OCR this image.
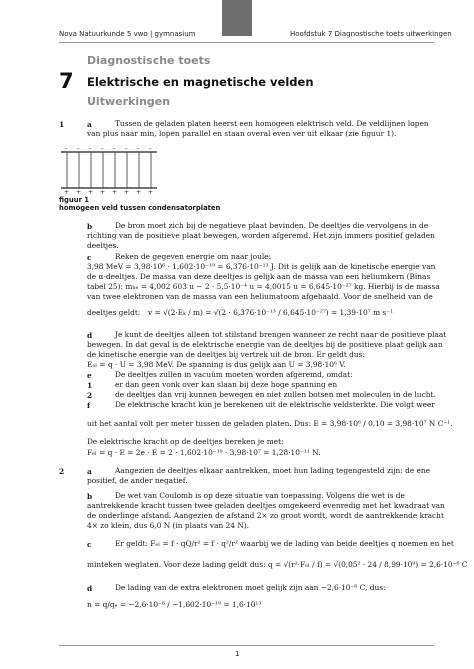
Nova Natuurkunde 5 vwo | gymnasium	Hoofdstuk 7 Diagnostische toets uitwerkingen
Diagnostische toets
7 Elektrische en magnetische velden
Uitwerkingen
1	a	Tussen de geladen platen heerst een homogeen elektrisch veld. De veldlijnen lopen
van plus naar min, lopen parallel en staan overal even ver uit elkaar (zie figuur 1).
- - - - - - - -
+ + + + + + + +
figuur 1
homogeen veld tussen condensatorplaten
b	De bron moet zich bij de negatieve plaat bevinden. De deeltjes die vervolgens in de
richting van de positieve plaat bewegen, worden afgeremd. Het zijn immers positief geladen
deeltjes.
c	Reken de gegeven energie om naar joule:
3,98 MeV = 3,98·10⁶ · 1,602·10⁻¹⁹ = 6,376·10⁻¹³ J. Dit is gelijk aan de kinetische energie van
de α-deeltjes. De massa van deze deeltjes is gelijk aan de massa van een heliumkern (Binas
tabel 25): mₕₑ = 4,002 603 u − 2 · 5,5·10⁻⁴ u = 4,0015 u = 6,645·10⁻²⁷ kg. Hierbij is de massa
van twee elektronen van de massa van een heliumatoom afgehaald. Voor de snelheid van de
deeltjes geldt: v = √(2·Eₖ / m) = √(2 · 6,376·10⁻¹³ / 6,645·10⁻²⁷) = 1,39·10⁷ m s⁻¹
d	Je kunt de deeltjes alleen tot stilstand brengen wanneer ze recht naar de positieve plaat
bewegen. In dat geval is de elektrische energie van de deeltjes bij de positieve plaat gelijk aan
de kinetische energie van de deeltjes bij vertrek uit de bron. Er geldt dus:
Eₑₗ = q · U = 3,98 MeV. De spanning is dus gelijk aan U = 3,98·10⁶ V.
e	De deeltjes zullen in vacuüm moeten worden afgeremd, omdat:
1	er dan geen vonk over kan slaan bij deze hoge spanning en
2	de deeltjes dan vrij kunnen bewegen en niet zullen botsen met moleculen in de lucht.
f	De elektrische kracht kun je berekenen uit de elektrische veldsterkte. Die volgt weer
uit het aantal volt per meter tussen de geladen platen. Dus: E = 3,98·10⁶ / 0,10 = 3,98·10⁷ N C⁻¹.
De elektrische kracht op de deeltjes bereken je met:
Fₑₗ = q · E = 2e · E = 2 · 1,602·10⁻¹⁹ · 3,98·10⁷ = 1,28·10⁻¹¹ N.
2	a	Aangezien de deeltjes elkaar aantrekken, moet hun lading tegengesteld zijn: de ene
positief, de ander negatief.
b	De wet van Coulomb is op deze situatie van toepassing. Volgens die wet is de
aantrekkende kracht tussen twee geladen deeltjes omgekeerd evenredig met het kwadraat van
de onderlinge afstand. Aangezien de afstand 2× zo groot wordt, wordt de aantrekkende kracht
4× zo klein, dus 6,0 N (in plaats van 24 N).
c	Er geldt: Fₑₗ = f · qQ/r² = f · q²/r² waarbij we de lading van beide deeltjes q noemen en het
minteken weglaten. Voor deze lading geldt dus: q = √(r²·Fₑₗ / f) = √(0,05² · 24 / 8,99·10⁹) = 2,6·10⁻⁶ C
d	De lading van de extra elektronen moet gelijk zijn aan −2,6·10⁻⁶ C, dus:
n = q/qₑ = −2,6·10⁻⁶ / −1,602·10⁻¹⁹ = 1,6·10¹³
1
